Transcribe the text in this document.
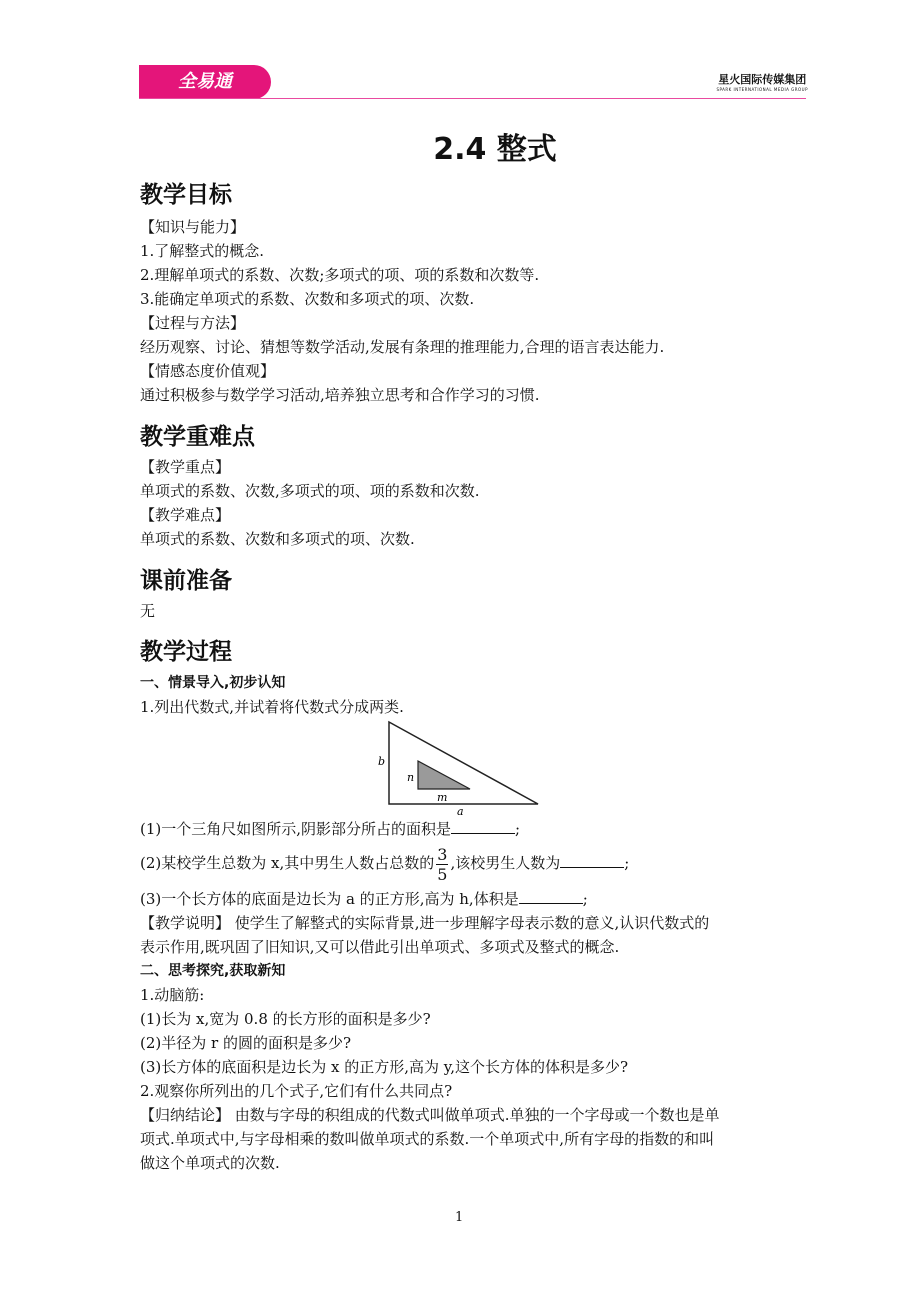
全易通	星火国际传媒集团
SPARK INTERNATIONAL MEDIA GROUP
2.4 整式
教学目标
【知识与能力】
1.了解整式的概念.
2.理解单项式的系数、次数;多项式的项、项的系数和次数等.
3.能确定单项式的系数、次数和多项式的项、次数.
【过程与方法】
经历观察、讨论、猜想等数学活动,发展有条理的推理能力,合理的语言表达能力.
【情感态度价值观】
通过积极参与数学学习活动,培养独立思考和合作学习的习惯.
教学重难点
【教学重点】
单项式的系数、次数,多项式的项、项的系数和次数.
【教学难点】
单项式的系数、次数和多项式的项、次数.
课前准备
无
教学过程
一、情景导入,初步认知
1.列出代数式,并试着将代数式分成两类.
b
n
m
a
(1)一个三角尺如图所示,阴影部分所占的面积是	;
(2)某校学生总数为 x,其中男生人数占总数的 $\frac{3}{5}$ ,该校男生人数为	;
(3)一个长方体的底面是边长为 a 的正方形,高为 h,体积是	;
【教学说明】 使学生了解整式的实际背景,进一步理解字母表示数的意义,认识代数式的
表示作用,既巩固了旧知识,又可以借此引出单项式、多项式及整式的概念.
二、思考探究,获取新知
1.动脑筋:
(1)长为 x,宽为 0.8 的长方形的面积是多少?
(2)半径为 r 的圆的面积是多少?
(3)长方体的底面积是边长为 x 的正方形,高为 y,这个长方体的体积是多少?
2.观察你所列出的几个式子,它们有什么共同点?
【归纳结论】 由数与字母的积组成的代数式叫做单项式.单独的一个字母或一个数也是单
项式.单项式中,与字母相乘的数叫做单项式的系数.一个单项式中,所有字母的指数的和叫
做这个单项式的次数.
1
